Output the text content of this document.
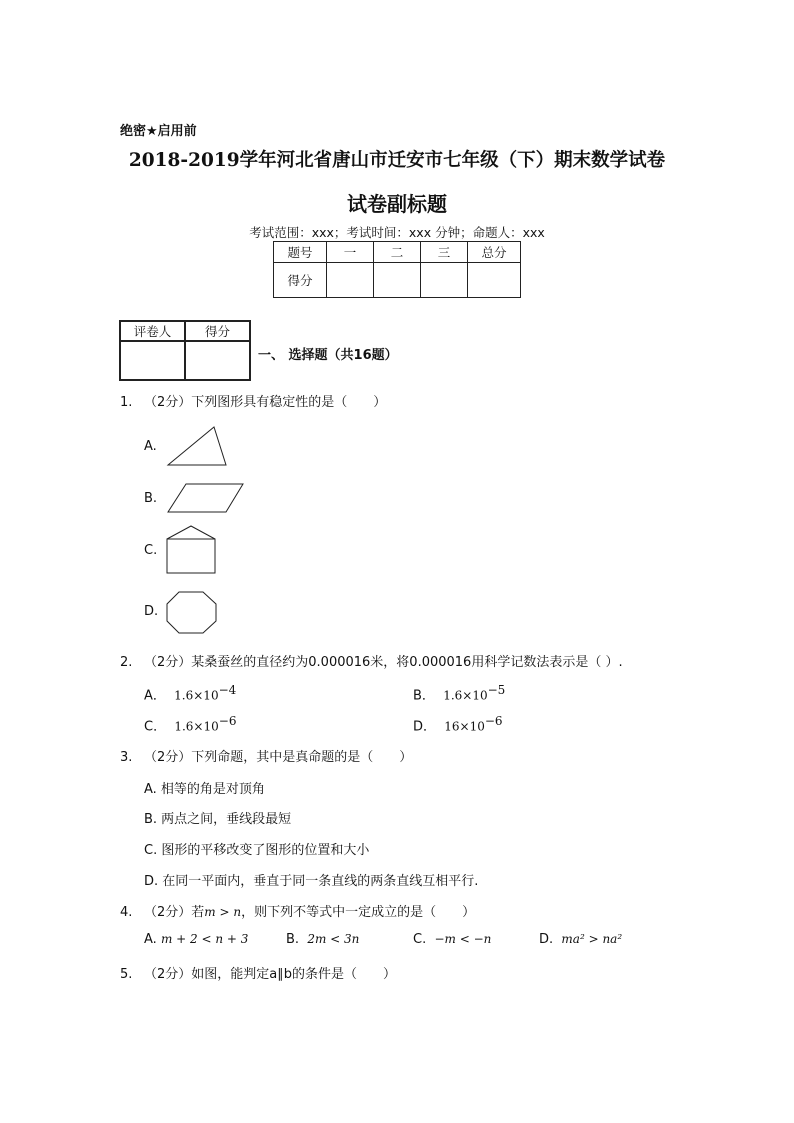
绝密★启用前
2018-2019学年河北省唐山市迁安市七年级（下）期末数学试卷
试卷副标题
考试范围：xxx；考试时间：xxx 分钟；命题人：xxx
题号	一	二	三	总分
得分				
评卷人	得分

一、 选择题（共16题）
1. （2分）下列图形具有稳定性的是（　　）
A.
B.
C.
D.
2. （2分）某桑蚕丝的直径约为0.000016米，将0.000016用科学记数法表示是（ ）.
A． $1.6\times 10^{-4}$	B． $1.6\times 10^{-5}$
C． $1.6\times 10^{-6}$	D． $16\times 10^{-6}$
3. （2分）下列命题，其中是真命题的是（　　）
A. 相等的角是对顶角
B. 两点之间，垂线段最短
C. 图形的平移改变了图形的位置和大小
D. 在同一平面内，垂直于同一条直线的两条直线互相平行.
4. （2分）若m > n，则下列不等式中一定成立的是（　　）
A. m + 2 < n + 3	B. 2m < 3n	C. −m < −n	D. ma² > na²
5. （2分）如图，能判定a∥b的条件是（　　）
